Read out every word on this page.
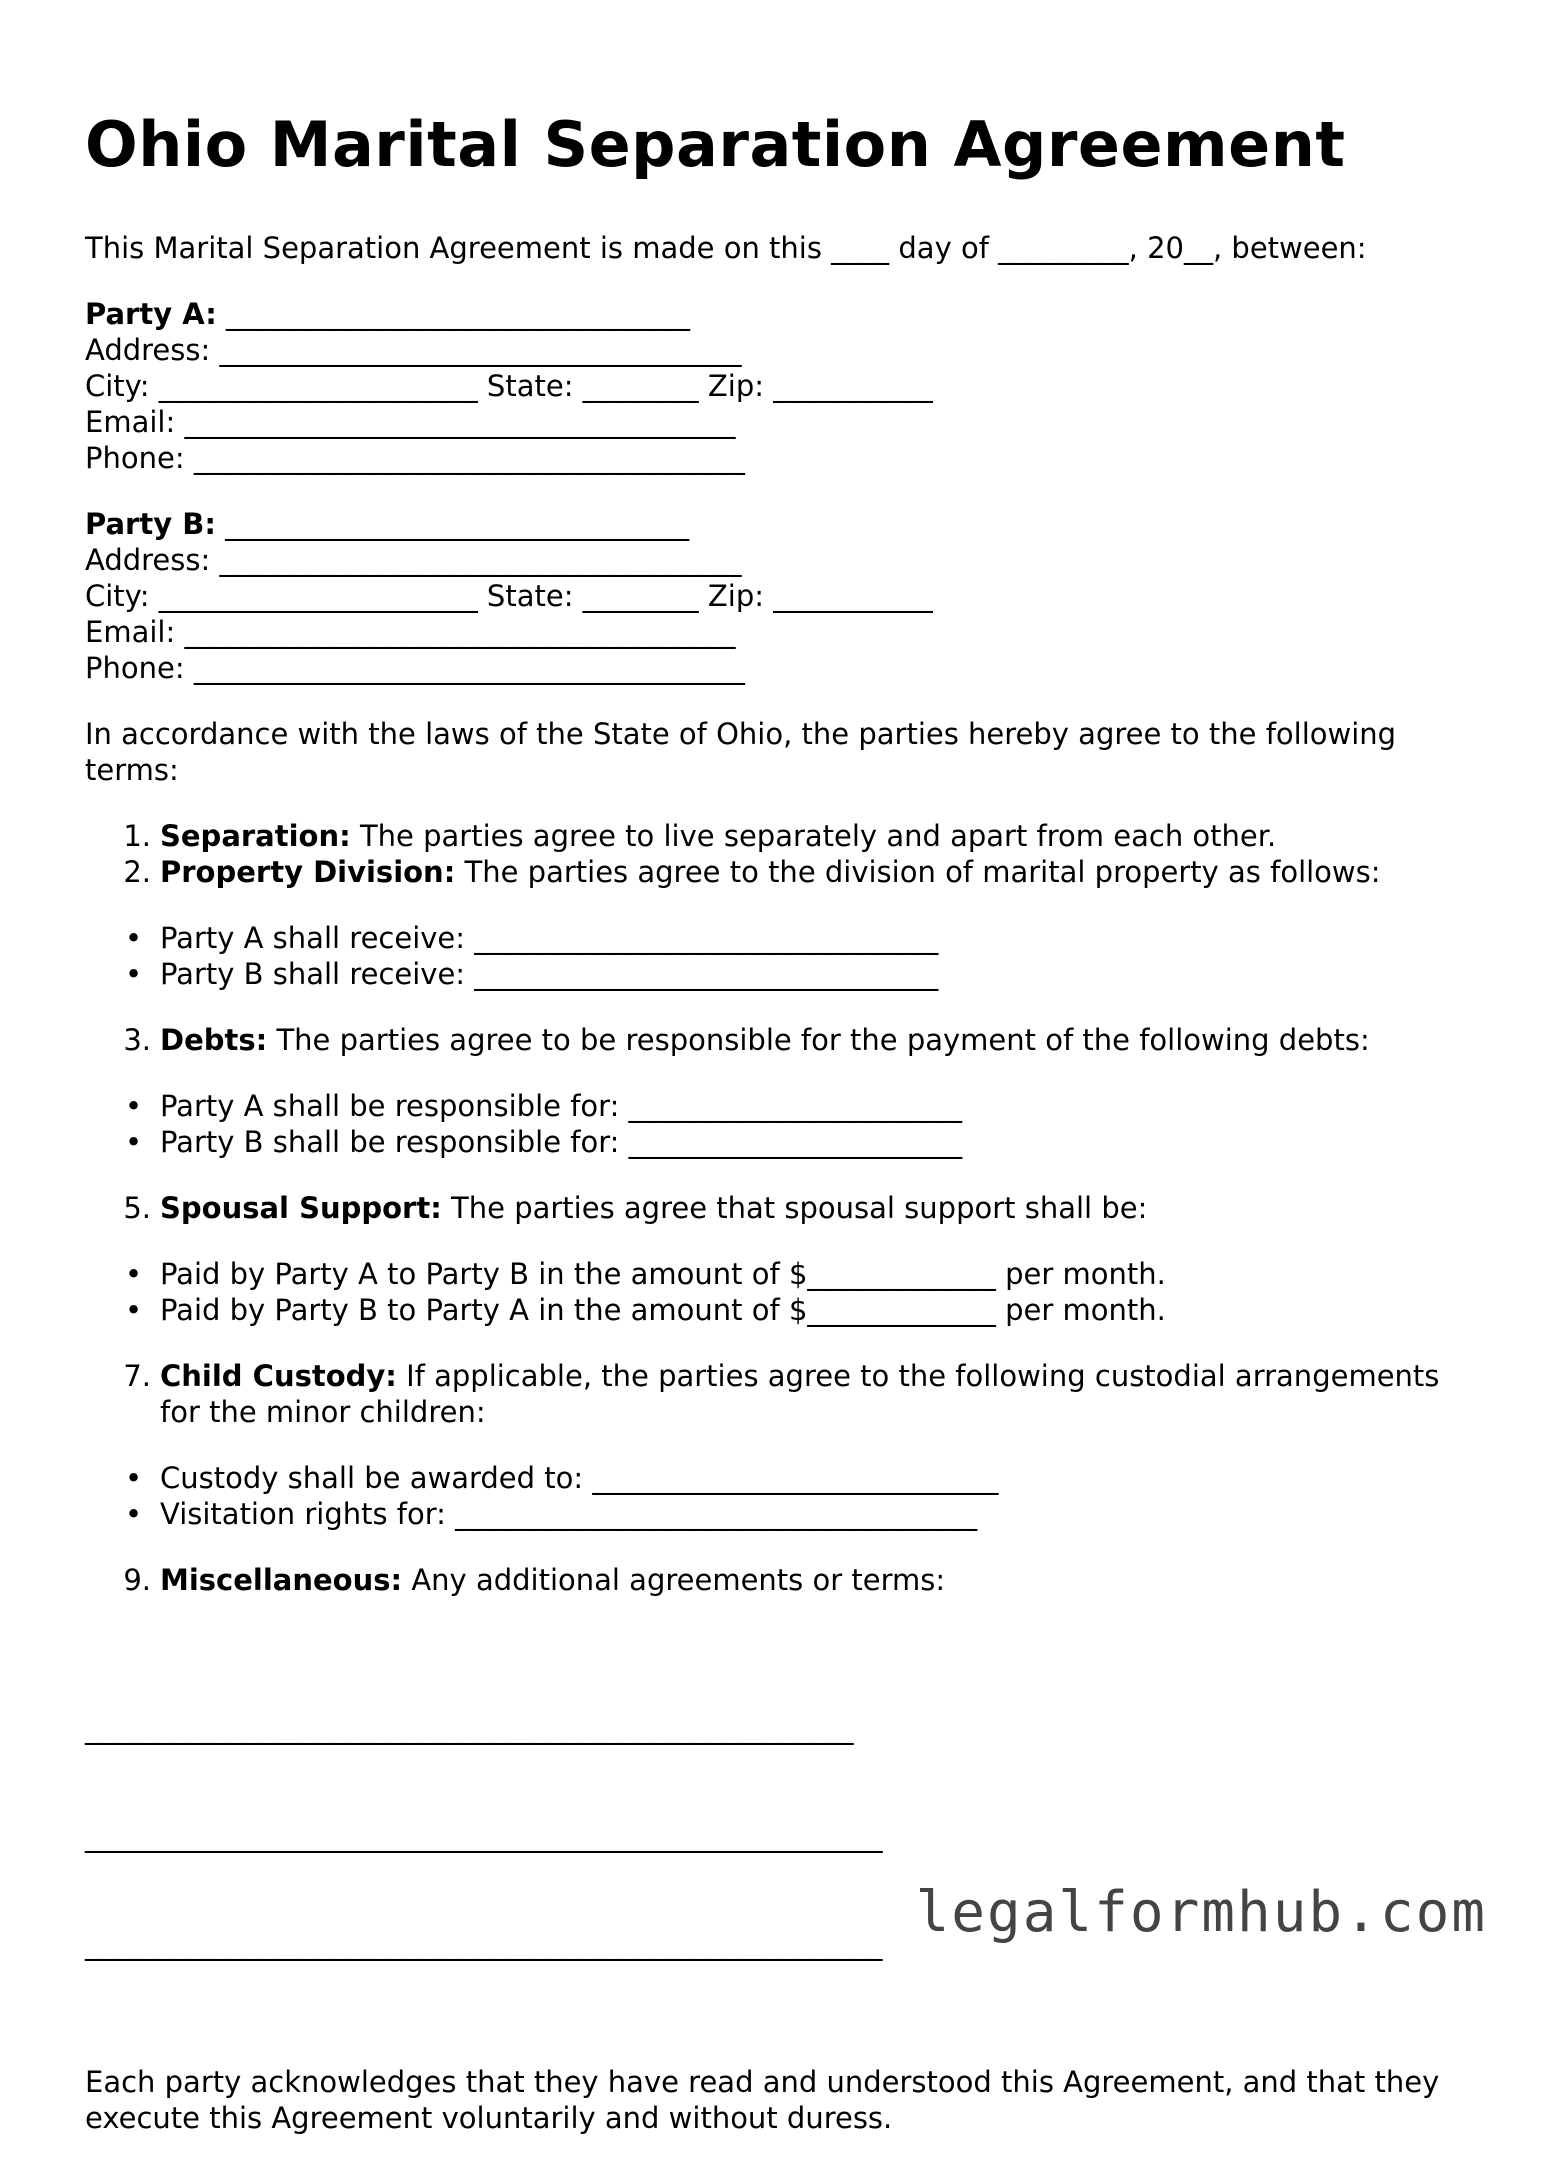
Ohio Marital Separation Agreement

This Marital Separation Agreement is made on this ____ day of _________, 20__, between:

Party A: ________________________________
Address: ____________________________________
City: ______________________ State: ________ Zip: ___________
Email: ______________________________________
Phone: ______________________________________
Party B: ________________________________
Address: ____________________________________
City: ______________________ State: ________ Zip: ___________
Email: ______________________________________
Phone: ______________________________________

In accordance with the laws of the State of Ohio, the parties hereby agree to the following terms:

1. Separation: The parties agree to live separately and apart from each other.
2. Property Division: The parties agree to the division of marital property as follows:
• Party A shall receive: ________________________________
• Party B shall receive: ________________________________
3. Debts: The parties agree to be responsible for the payment of the following debts:
• Party A shall be responsible for: _______________________
• Party B shall be responsible for: _______________________
5. Spousal Support: The parties agree that spousal support shall be:
• Paid by Party A to Party B in the amount of $_____________ per month.
• Paid by Party B to Party A in the amount of $_____________ per month.
7. Child Custody: If applicable, the parties agree to the following custodial arrangements for the minor children:
• Custody shall be awarded to: ____________________________
• Visitation rights for: ____________________________________
9. Miscellaneous: Any additional agreements or terms:

_____________________________________________________

_______________________________________________________

_______________________________________________________

Each party acknowledges that they have read and understood this Agreement, and that they execute this Agreement voluntarily and without duress.

legalformhub.com
